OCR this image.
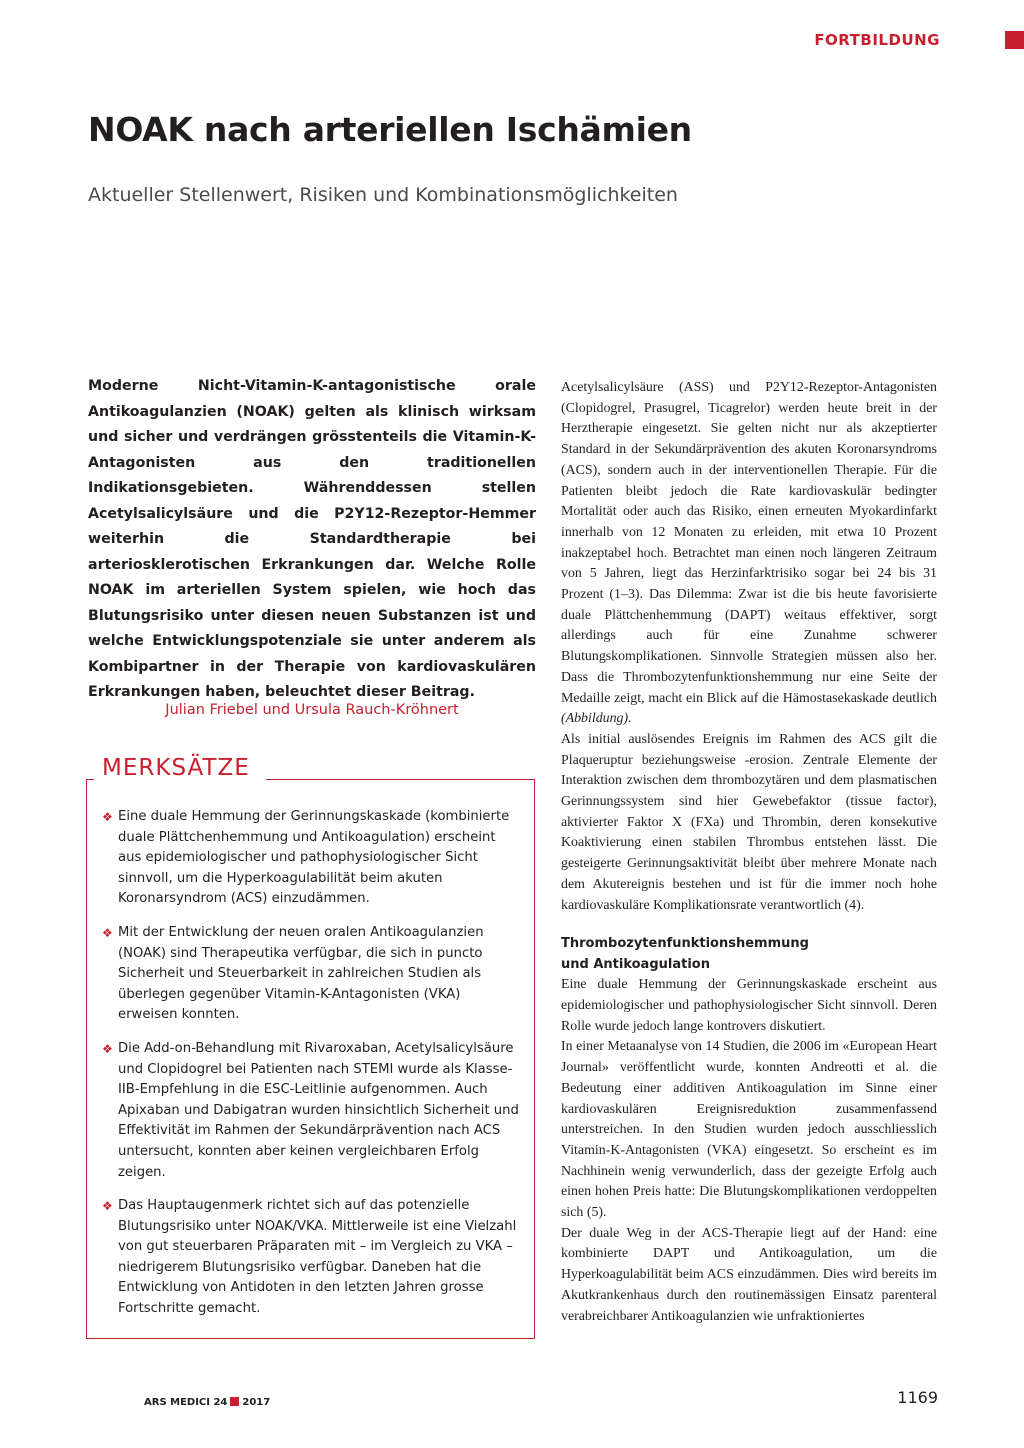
FORTBILDUNG
NOAK nach arteriellen Ischämien
Aktueller Stellenwert, Risiken und Kombinationsmöglichkeiten

Moderne Nicht-Vitamin-K-antagonistische orale Antikoagulanzien (NOAK) gelten als klinisch wirksam und sicher und verdrängen grösstenteils die Vitamin-K-Antagonisten aus den traditionellen Indikationsgebieten. Währenddessen stellen Acetylsalicylsäure und die P2Y12-Rezeptor-Hemmer weiterhin die Standardtherapie bei arteriosklerotischen Erkrankungen dar. Welche Rolle NOAK im arteriellen System spielen, wie hoch das Blutungsrisiko unter diesen neuen Substanzen ist und welche Entwicklungspotenziale sie unter anderem als Kombipartner in der Therapie von kardiovaskulären Erkrankungen haben, beleuchtet dieser Beitrag.

Julian Friebel und Ursula Rauch-Kröhnert

MERKSÄTZE
❖ Eine duale Hemmung der Gerinnungskaskade (kombinierte duale Plättchenhemmung und Antikoagulation) erscheint aus epidemiologischer und pathophysiologischer Sicht sinnvoll, um die Hyperkoagulabilität beim akuten Koronarsyndrom (ACS) einzudämmen.
❖ Mit der Entwicklung der neuen oralen Antikoagulanzien (NOAK) sind Therapeutika verfügbar, die sich in puncto Sicherheit und Steuerbarkeit in zahlreichen Studien als überlegen gegenüber Vitamin-K-Antagonisten (VKA) erweisen konnten.
❖ Die Add-on-Behandlung mit Rivaroxaban, Acetylsalicylsäure und Clopidogrel bei Patienten nach STEMI wurde als Klasse-IIB-Empfehlung in die ESC-Leitlinie aufgenommen. Auch Apixaban und Dabigatran wurden hinsichtlich Sicherheit und Effektivität im Rahmen der Sekundärprävention nach ACS untersucht, konnten aber keinen vergleichbaren Erfolg zeigen.
❖ Das Hauptaugenmerk richtet sich auf das potenzielle Blutungsrisiko unter NOAK/VKA. Mittlerweile ist eine Vielzahl von gut steuerbaren Präparaten mit – im Vergleich zu VKA – niedrigerem Blutungsrisiko verfügbar. Daneben hat die Entwicklung von Antidoten in den letzten Jahren grosse Fortschritte gemacht.

Acetylsalicylsäure (ASS) und P2Y12-Rezeptor-Antagonisten (Clopidogrel, Prasugrel, Ticagrelor) werden heute breit in der Herztherapie eingesetzt. Sie gelten nicht nur als akzeptierter Standard in der Sekundärprävention des akuten Koronarsyndroms (ACS), sondern auch in der interventionellen Therapie. Für die Patienten bleibt jedoch die Rate kardiovaskulär bedingter Mortalität oder auch das Risiko, einen erneuten Myokardinfarkt innerhalb von 12 Monaten zu erleiden, mit etwa 10 Prozent inakzeptabel hoch. Betrachtet man einen noch längeren Zeitraum von 5 Jahren, liegt das Herzinfarktrisiko sogar bei 24 bis 31 Prozent (1–3). Das Dilemma: Zwar ist die bis heute favorisierte duale Plättchenhemmung (DAPT) weitaus effektiver, sorgt allerdings auch für eine Zunahme schwerer Blutungskomplikationen. Sinnvolle Strategien müssen also her. Dass die Thrombozytenfunktionshemmung nur eine Seite der Medaille zeigt, macht ein Blick auf die Hämostasekaskade deutlich (Abbildung).

Als initial auslösendes Ereignis im Rahmen des ACS gilt die Plaqueruptur beziehungsweise -erosion. Zentrale Elemente der Interaktion zwischen dem thrombozytären und dem plasmatischen Gerinnungssystem sind hier Gewebefaktor (tissue factor), aktivierter Faktor X (FXa) und Thrombin, deren konsekutive Koaktivierung einen stabilen Thrombus entstehen lässt. Die gesteigerte Gerinnungsaktivität bleibt über mehrere Monate nach dem Akutereignis bestehen und ist für die immer noch hohe kardiovaskuläre Komplikationsrate verantwortlich (4).

Thrombozytenfunktionshemmung
und Antikoagulation

Eine duale Hemmung der Gerinnungskaskade erscheint aus epidemiologischer und pathophysiologischer Sicht sinnvoll. Deren Rolle wurde jedoch lange kontrovers diskutiert.

In einer Metaanalyse von 14 Studien, die 2006 im «European Heart Journal» veröffentlicht wurde, konnten Andreotti et al. die Bedeutung einer additiven Antikoagulation im Sinne einer kardiovaskulären Ereignisreduktion zusammenfassend unterstreichen. In den Studien wurden jedoch ausschliesslich Vitamin-K-Antagonisten (VKA) eingesetzt. So erscheint es im Nachhinein wenig verwunderlich, dass der gezeigte Erfolg auch einen hohen Preis hatte: Die Blutungskomplikationen verdoppelten sich (5).

Der duale Weg in der ACS-Therapie liegt auf der Hand: eine kombinierte DAPT und Antikoagulation, um die Hyperkoagulabilität beim ACS einzudämmen. Dies wird bereits im Akutkrankenhaus durch den routinemässigen Einsatz parenteral verabreichbarer Antikoagulanzien wie unfraktioniertes

ARS MEDICI 24 2017	1169
